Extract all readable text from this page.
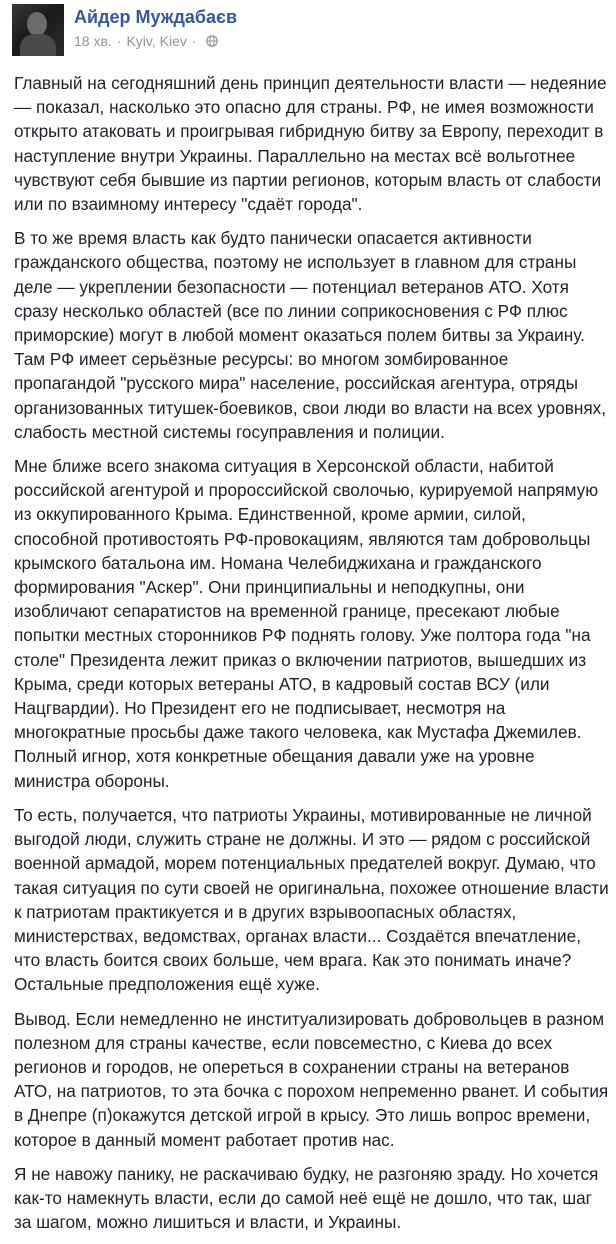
Айдер Муждабаєв
18 хв. · Kyiv, Kiev ·

Главный на сегодняшний день принцип деятельности власти — недеяние — показал, насколько это опасно для страны. РФ, не имея возможности открыто атаковать и проигрывая гибридную битву за Европу, переходит в наступление внутри Украины. Параллельно на местах всё вольготнее чувствуют себя бывшие из партии регионов, которым власть от слабости или по взаимному интересу "сдаёт города".

В то же время власть как будто панически опасается активности гражданского общества, поэтому не использует в главном для страны деле — укреплении безопасности — потенциал ветеранов АТО. Хотя сразу несколько областей (все по линии соприкосновения с РФ плюс приморские) могут в любой момент оказаться полем битвы за Украину. Там РФ имеет серьёзные ресурсы: во многом зомбированное пропагандой "русского мира" население, российская агентура, отряды организованных титушек-боевиков, свои люди во власти на всех уровнях, слабость местной системы госуправления и полиции.

Мне ближе всего знакома ситуация в Херсонской области, набитой российской агентурой и пророссийской сволочью, курируемой напрямую из оккупированного Крыма. Единственной, кроме армии, силой, способной противостоять РФ-провокациям, являются там добровольцы крымского батальона им. Номана Челебиджихана и гражданского формирования "Аскер". Они принципиальны и неподкупны, они изобличают сепаратистов на временной границе, пресекают любые попытки местных сторонников РФ поднять голову. Уже полтора года "на столе" Президента лежит приказ о включении патриотов, вышедших из Крыма, среди которых ветераны АТО, в кадровый состав ВСУ (или Нацгвардии). Но Президент его не подписывает, несмотря на многократные просьбы даже такого человека, как Мустафа Джемилев. Полный игнор, хотя конкретные обещания давали уже на уровне министра обороны.

То есть, получается, что патриоты Украины, мотивированные не личной выгодой люди, служить стране не должны. И это — рядом с российской военной армадой, морем потенциальных предателей вокруг. Думаю, что такая ситуация по сути своей не оригинальна, похожее отношение власти к патриотам практикуется и в других взрывоопасных областях, министерствах, ведомствах, органах власти... Создаётся впечатление, что власть боится своих больше, чем врага. Как это понимать иначе? Остальные предположения ещё хуже.

Вывод. Если немедленно не институализировать добровольцев в разном полезном для страны качестве, если повсеместно, с Киева до всех регионов и городов, не опереться в сохранении страны на ветеранов АТО, на патриотов, то эта бочка с порохом непременно рванет. И события в Днепре (п)окажутся детской игрой в крысу. Это лишь вопрос времени, которое в данный момент работает против нас.

Я не навожу панику, не раскачиваю будку, не разгоняю зраду. Но хочется как-то намекнуть власти, если до самой неё ещё не дошло, что так, шаг за шагом, можно лишиться и власти, и Украины.
